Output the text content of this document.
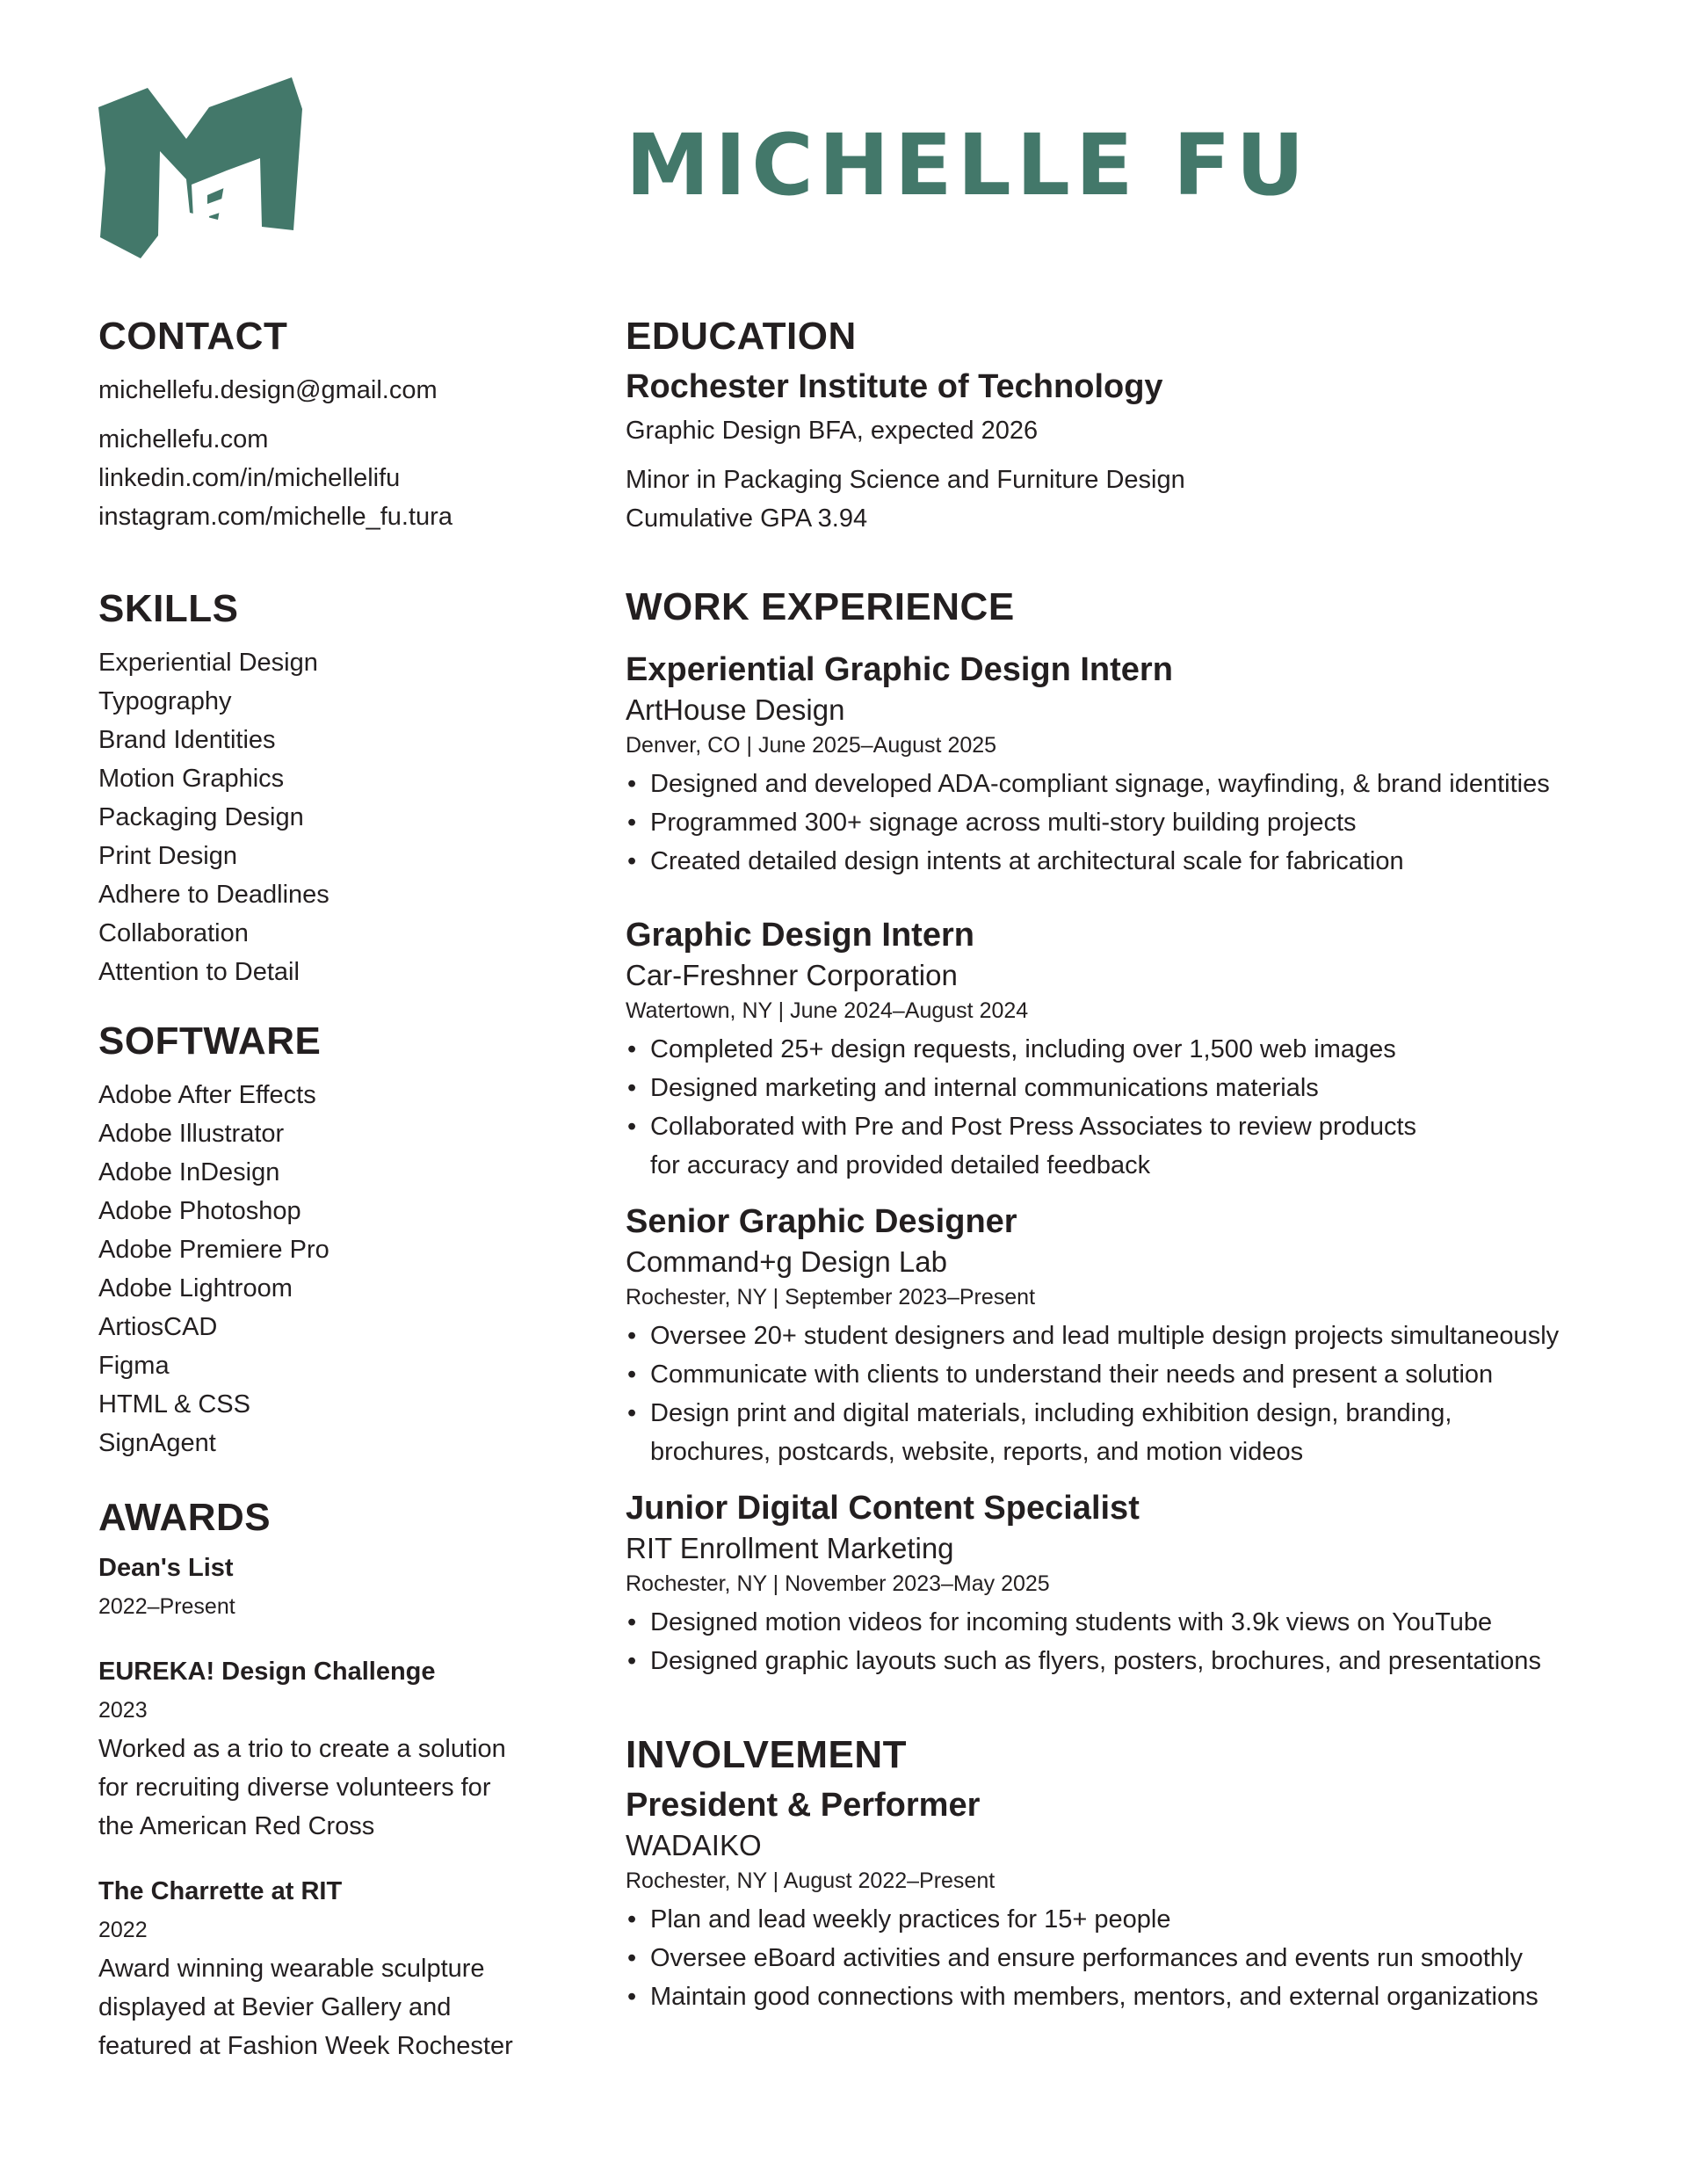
MICHELLE FU
CONTACT

michellefu.design@gmail.com

michellefu.com

linkedin.com/in/michellelifu

instagram.com/michelle_fu.tura

SKILLS

Experiential Design

Typography

Brand Identities

Motion Graphics

Packaging Design

Print Design

Adhere to Deadlines

Collaboration

Attention to Detail

SOFTWARE

Adobe After Effects

Adobe Illustrator

Adobe InDesign

Adobe Photoshop

Adobe Premiere Pro

Adobe Lightroom

ArtiosCAD

Figma

HTML & CSS

SignAgent

AWARDS

Dean's List

2022–Present

EUREKA! Design Challenge

2023

Worked as a trio to create a solution

for recruiting diverse volunteers for

the American Red Cross

The Charrette at RIT

2022

Award winning wearable sculpture

displayed at Bevier Gallery and

featured at Fashion Week Rochester

EDUCATION

Rochester Institute of Technology

Graphic Design BFA, expected 2026

Minor in Packaging Science and Furniture Design

Cumulative GPA 3.94

WORK EXPERIENCE

Experiential Graphic Design Intern

ArtHouse Design

Denver, CO | June 2025–August 2025

• Designed and developed ADA-compliant signage, wayfinding, & brand identities
• Programmed 300+ signage across multi-story building projects
• Created detailed design intents at architectural scale for fabrication

Graphic Design Intern

Car-Freshner Corporation

Watertown, NY | June 2024–August 2024

• Completed 25+ design requests, including over 1,500 web images
• Designed marketing and internal communications materials
• Collaborated with Pre and Post Press Associates to review products
for accuracy and provided detailed feedback

Senior Graphic Designer

Command+g Design Lab

Rochester, NY | September 2023–Present

• Oversee 20+ student designers and lead multiple design projects simultaneously
• Communicate with clients to understand their needs and present a solution
• Design print and digital materials, including exhibition design, branding,
brochures, postcards, website, reports, and motion videos

Junior Digital Content Specialist

RIT Enrollment Marketing

Rochester, NY | November 2023–May 2025

• Designed motion videos for incoming students with 3.9k views on YouTube
• Designed graphic layouts such as flyers, posters, brochures, and presentations
INVOLVEMENT

President & Performer

WADAIKO

Rochester, NY | August 2022–Present

• Plan and lead weekly practices for 15+ people
• Oversee eBoard activities and ensure performances and events run smoothly
• Maintain good connections with members, mentors, and external organizations
